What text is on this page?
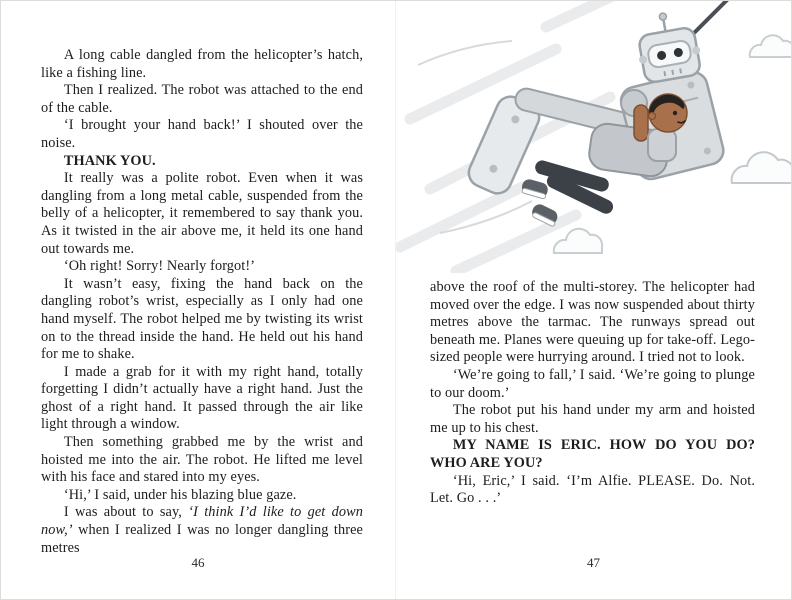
A long cable dangled from the helicopter’s hatch, like a fishing line.

Then I realized. The robot was attached to the end of the cable.

‘I brought your hand back!’ I shouted over the noise.

THANK YOU.

It really was a polite robot. Even when it was dangling from a long metal cable, suspended from the belly of a helicopter, it remembered to say thank you. As it twisted in the air above me, it held its one hand out towards me.

‘Oh right! Sorry! Nearly forgot!’

It wasn’t easy, fixing the hand back on the dangling robot’s wrist, especially as I only had one hand myself. The robot helped me by twisting its wrist on to the thread inside the hand. He held out his hand for me to shake.

I made a grab for it with my right hand, totally forgetting I didn’t actually have a right hand. Just the ghost of a right hand. It passed through the air like light through a window.

Then something grabbed me by the wrist and hoisted me into the air. The robot. He lifted me level with his face and stared into my eyes.

‘Hi,’ I said, under his blazing blue gaze.

I was about to say, ‘I think I’d like to get down now,’ when I realized I was no longer dangling three metres

46

above the roof of the multi-storey. The helicopter had moved over the edge. I was now suspended about thirty metres above the tarmac. The runways spread out beneath me. Planes were queuing up for take-off. Lego-sized people were hurrying around. I tried not to look.

‘We’re going to fall,’ I said. ‘We’re going to plunge to our doom.’

The robot put his hand under my arm and hoisted me up to his chest.

MY NAME IS ERIC. HOW DO YOU DO? WHO ARE YOU?

‘Hi, Eric,’ I said. ‘I’m Alfie. PLEASE. Do. Not. Let. Go . . .’

47
